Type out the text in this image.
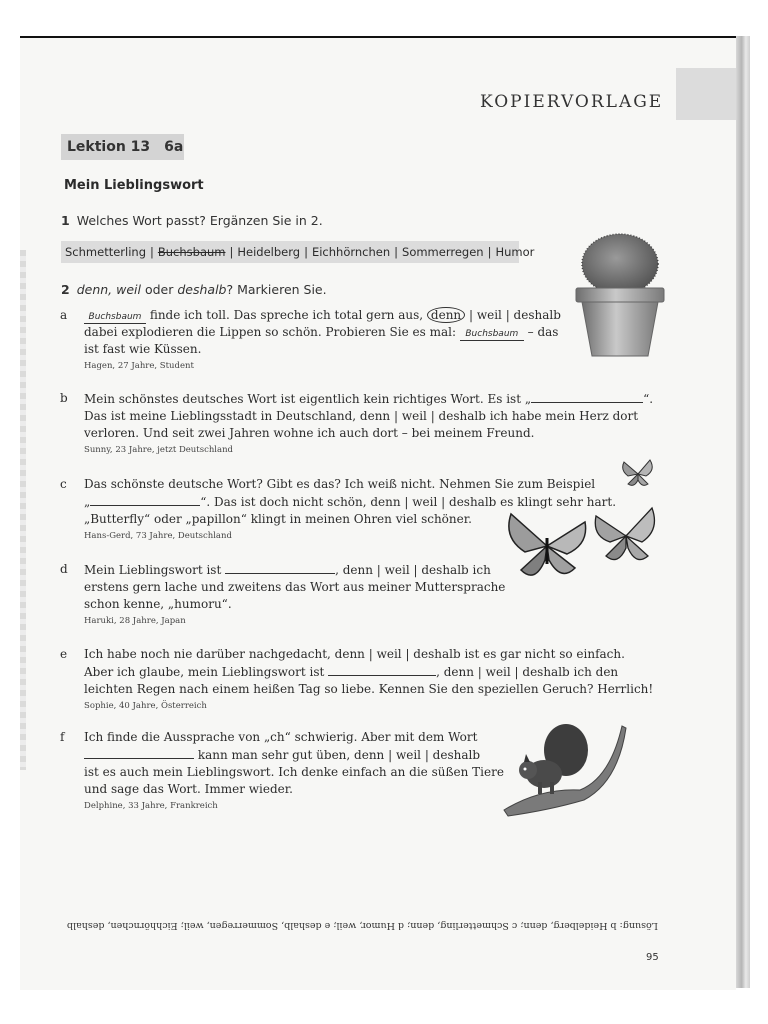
KOPIERVORLAGE
Lektion 13 6a
Mein Lieblingswort
1 Welches Wort passt? Ergänzen Sie in 2.
Schmetterling | Buchsbaum | Heidelberg | Eichhörnchen | Sommerregen | Humor
2 denn, weil oder deshalb? Markieren Sie.
a	Buchsbaum finde ich toll. Das spreche ich total gern aus, denn | weil | deshalb
dabei explodieren die Lippen so schön. Probieren Sie es mal: Buchsbaum – das
ist fast wie Küssen.
Hagen, 27 Jahre, Student
b Mein schönstes deutsches Wort ist eigentlich kein richtiges Wort. Es ist „	“.
Das ist meine Lieblingsstadt in Deutschland, denn | weil | deshalb ich habe mein Herz dort
verloren. Und seit zwei Jahren wohne ich auch dort – bei meinem Freund.
Sunny, 23 Jahre, jetzt Deutschland
c Das schönste deutsche Wort? Gibt es das? Ich weiß nicht. Nehmen Sie zum Beispiel
„	“. Das ist doch nicht schön, denn | weil | deshalb es klingt sehr hart.
„Butterfly“ oder „papillon“ klingt in meinen Ohren viel schöner.
Hans-Gerd, 73 Jahre, Deutschland
d Mein Lieblingswort ist	, denn | weil | deshalb ich
erstens gern lache und zweitens das Wort aus meiner Muttersprache
schon kenne, „humoru“.
Haruki, 28 Jahre, Japan
e Ich habe noch nie darüber nachgedacht, denn | weil | deshalb ist es gar nicht so einfach.
Aber ich glaube, mein Lieblingswort ist	, denn | weil | deshalb ich den
leichten Regen nach einem heißen Tag so liebe. Kennen Sie den speziellen Geruch? Herrlich!
Sophie, 40 Jahre, Österreich
f Ich finde die Aussprache von „ch“ schwierig. Aber mit dem Wort
kann man sehr gut üben, denn | weil | deshalb
ist es auch mein Lieblingswort. Ich denke einfach an die süßen Tiere
und sage das Wort. Immer wieder.
Delphine, 33 Jahre, Frankreich
Lösung: b Heidelberg, denn; c Schmetterling, denn; d Humor, weil; e deshalb, Sommerregen, weil; Eichhörnchen, deshalb
95
